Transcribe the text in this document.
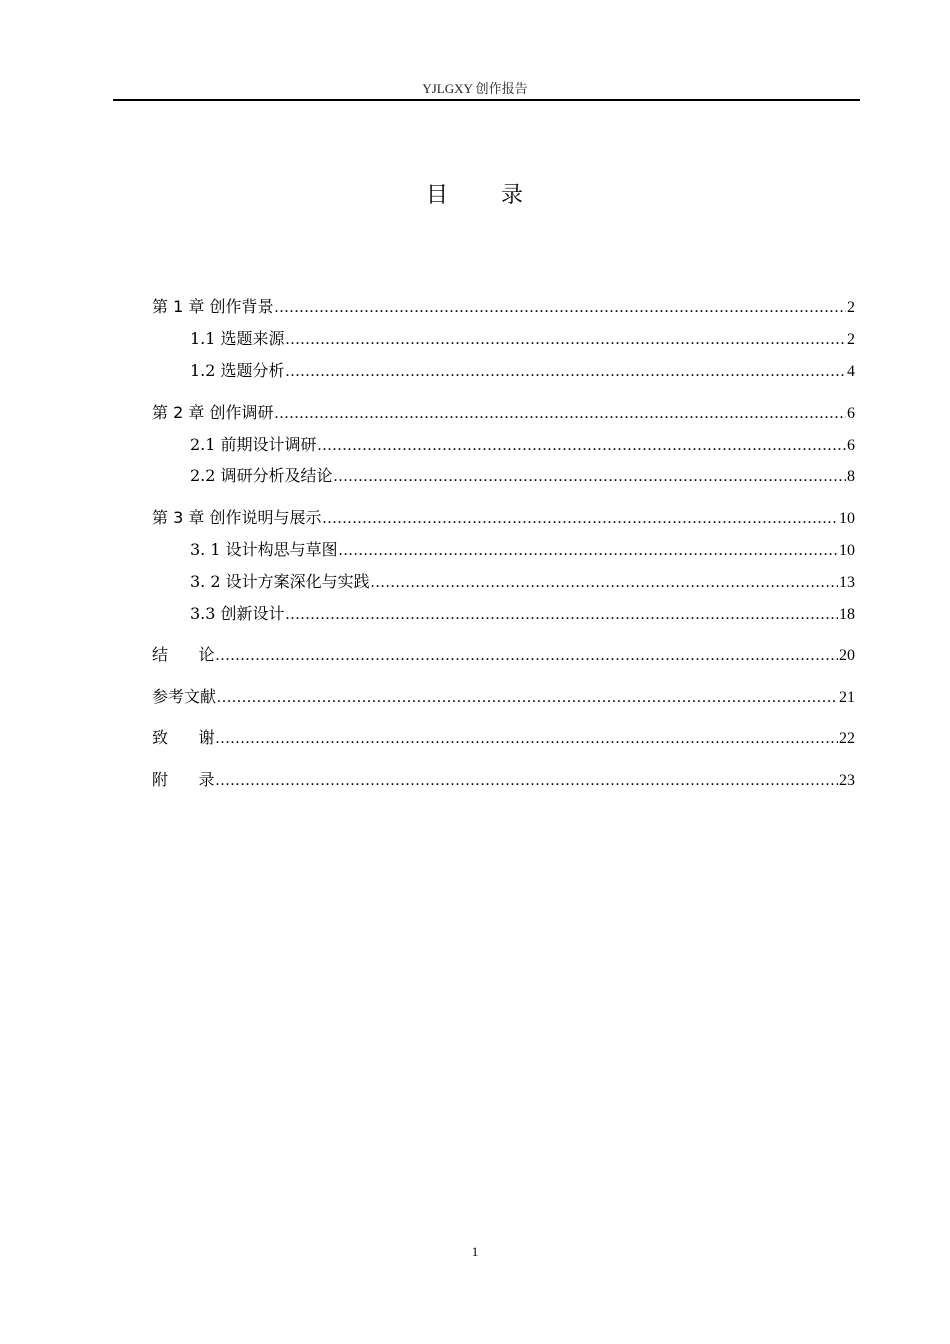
YJLGXY 创作报告
目 录
第 1 章 创作背景 .....	2
1.1 选题来源 .....	2
1.2 选题分析 .....	4
第 2 章 创作调研 .....	6
2.1 前期设计调研 .....	6
2.2 调研分析及结论 .....	8
第 3 章 创作说明与展示 .....	10
3. 1 设计构思与草图 .....	10
3. 2 设计方案深化与实践 .....	13
3.3 创新设计 .....	18
结      论 .....	20
参考文献 .....	21
致      谢 .....	22
附      录 .....	23
1
